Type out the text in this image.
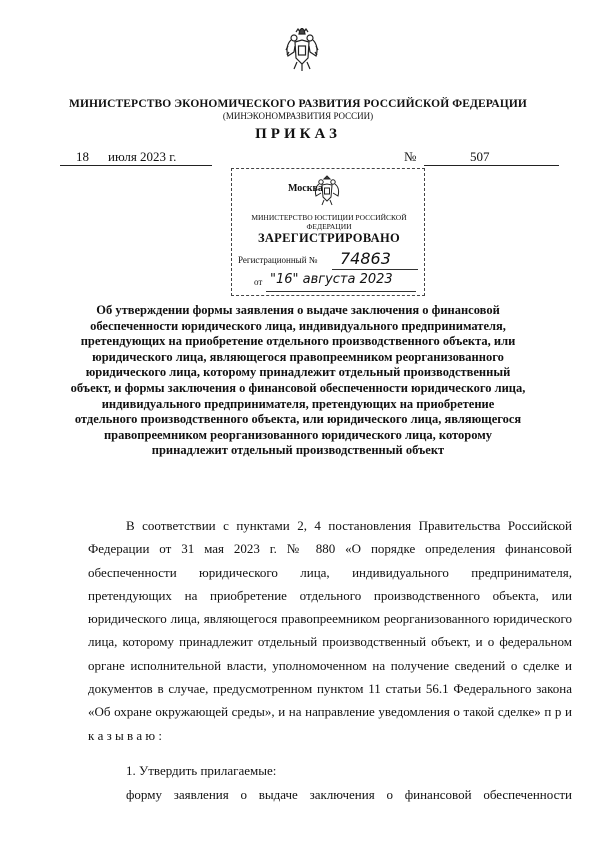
МИНИСТЕРСТВО ЭКОНОМИЧЕСКОГО РАЗВИТИЯ РОССИЙСКОЙ ФЕДЕРАЦИИ
(МИНЭКОНОМРАЗВИТИЯ РОССИИ)
ПРИКАЗ
18 июля 2023 г.	№	507
Москва
МИНИСТЕРСТВО ЮСТИЦИИ РОССИЙСКОЙ ФЕДЕРАЦИИ
ЗАРЕГИСТРИРОВАНО
Регистрационный № 74863
от "16" августа 2023
Об утверждении формы заявления о выдаче заключения о финансовой обеспеченности юридического лица, индивидуального предпринимателя, претендующих на приобретение отдельного производственного объекта, или юридического лица, являющегося правопреемником реорганизованного юридического лица, которому принадлежит отдельный производственный объект, и формы заключения о финансовой обеспеченности юридического лица, индивидуального предпринимателя, претендующих на приобретение отдельного производственного объекта, или юридического лица, являющегося правопреемником реорганизованного юридического лица, которому принадлежит отдельный производственный объект

В соответствии с пунктами 2, 4 постановления Правительства Российской Федерации от 31 мая 2023 г. № 880 «О порядке определения финансовой обеспеченности юридического лица, индивидуального предпринимателя, претендующих на приобретение отдельного производственного объекта, или юридического лица, являющегося правопреемником реорганизованного юридического лица, которому принадлежит отдельный производственный объект, и о федеральном органе исполнительной власти, уполномоченном на получение сведений о сделке и документов в случае, предусмотренном пунктом 11 статьи 56.1 Федерального закона «Об охране окружающей среды», и на направление уведомления о такой сделке» п р и к а з ы в а ю :

1. Утвердить прилагаемые:
форму заявления о выдаче заключения о финансовой обеспеченности
